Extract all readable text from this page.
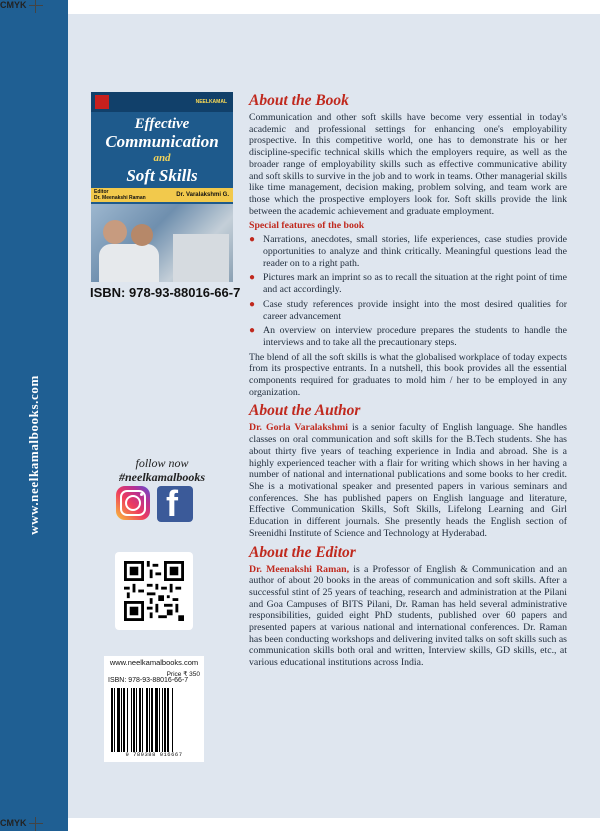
www.neelkamalbooks.com
CMYK
NEELKAMAL
Effective
Communication
and
Soft Skills
Editor
Dr. Meenakshi Raman	Dr. Varalakshmi G.
ISBN: 978-93-88016-66-7
follow now
#neelkamalbooks
f
www.neelkamalbooks.com
Price ₹ 350
ISBN: 978-93-88016-66-7
9 789388 016667
About the Book

Communication and other soft skills have become very essential in today's academic and professional settings for enhancing one's employability prospective. In this competitive world, one has to demonstrate his or her discipline-specific technical skills which the employers require, as well as the broader range of employability skills such as effective communicative ability and soft skills to survive in the job and to work in teams. Other managerial skills like time management, decision making, problem solving, and team work are those which the prospective employers look for. Soft skills provide the link between the academic achievement and graduate employment.

Special features of the book
● Narrations, anecdotes, small stories, life experiences, case studies provide opportunities to analyze and think critically. Meaningful questions lead the reader on to a right path.
● Pictures mark an imprint so as to recall the situation at the right point of time and act accordingly.
● Case study references provide insight into the most desired qualities for career advancement
● An overview on interview procedure prepares the students to handle the interviews and to take all the precautionary steps.

The blend of all the soft skills is what the globalised workplace of today expects from its prospective entrants. In a nutshell, this book provides all the essential components required for graduates to mold him / her to be employed in any organization.

About the Author

Dr. Gorla Varalakshmi is a senior faculty of English language. She handles classes on oral communication and soft skills for the B.Tech students. She has about thirty five years of teaching experience in India and abroad. She is a highly experienced teacher with a flair for writing which shows in her having a number of national and international publications and some books to her credit. She is a motivational speaker and presented papers in various seminars and conferences. She has published papers on English language and literature, Effective Communication Skills, Soft Skills, Lifelong Learning and Girl Education in different journals. She presently heads the English section of Sreenidhi Institute of Science and Technology at Hyderabad.

About the Editor

Dr. Meenakshi Raman, is a Professor of English & Communication and an author of about 20 books in the areas of communication and soft skills. After a successful stint of 25 years of teaching, research and administration at the Pilani and Goa Campuses of BITS Pilani, Dr. Raman has held several administrative responsibilities, guided eight PhD students, published over 60 papers and presented papers at various national and international conferences. Dr. Raman has been conducting workshops and delivering invited talks on soft skills such as communication skills both oral and written, Interview skills, GD skills, etc., at various educational institutions across India.

CMYK
